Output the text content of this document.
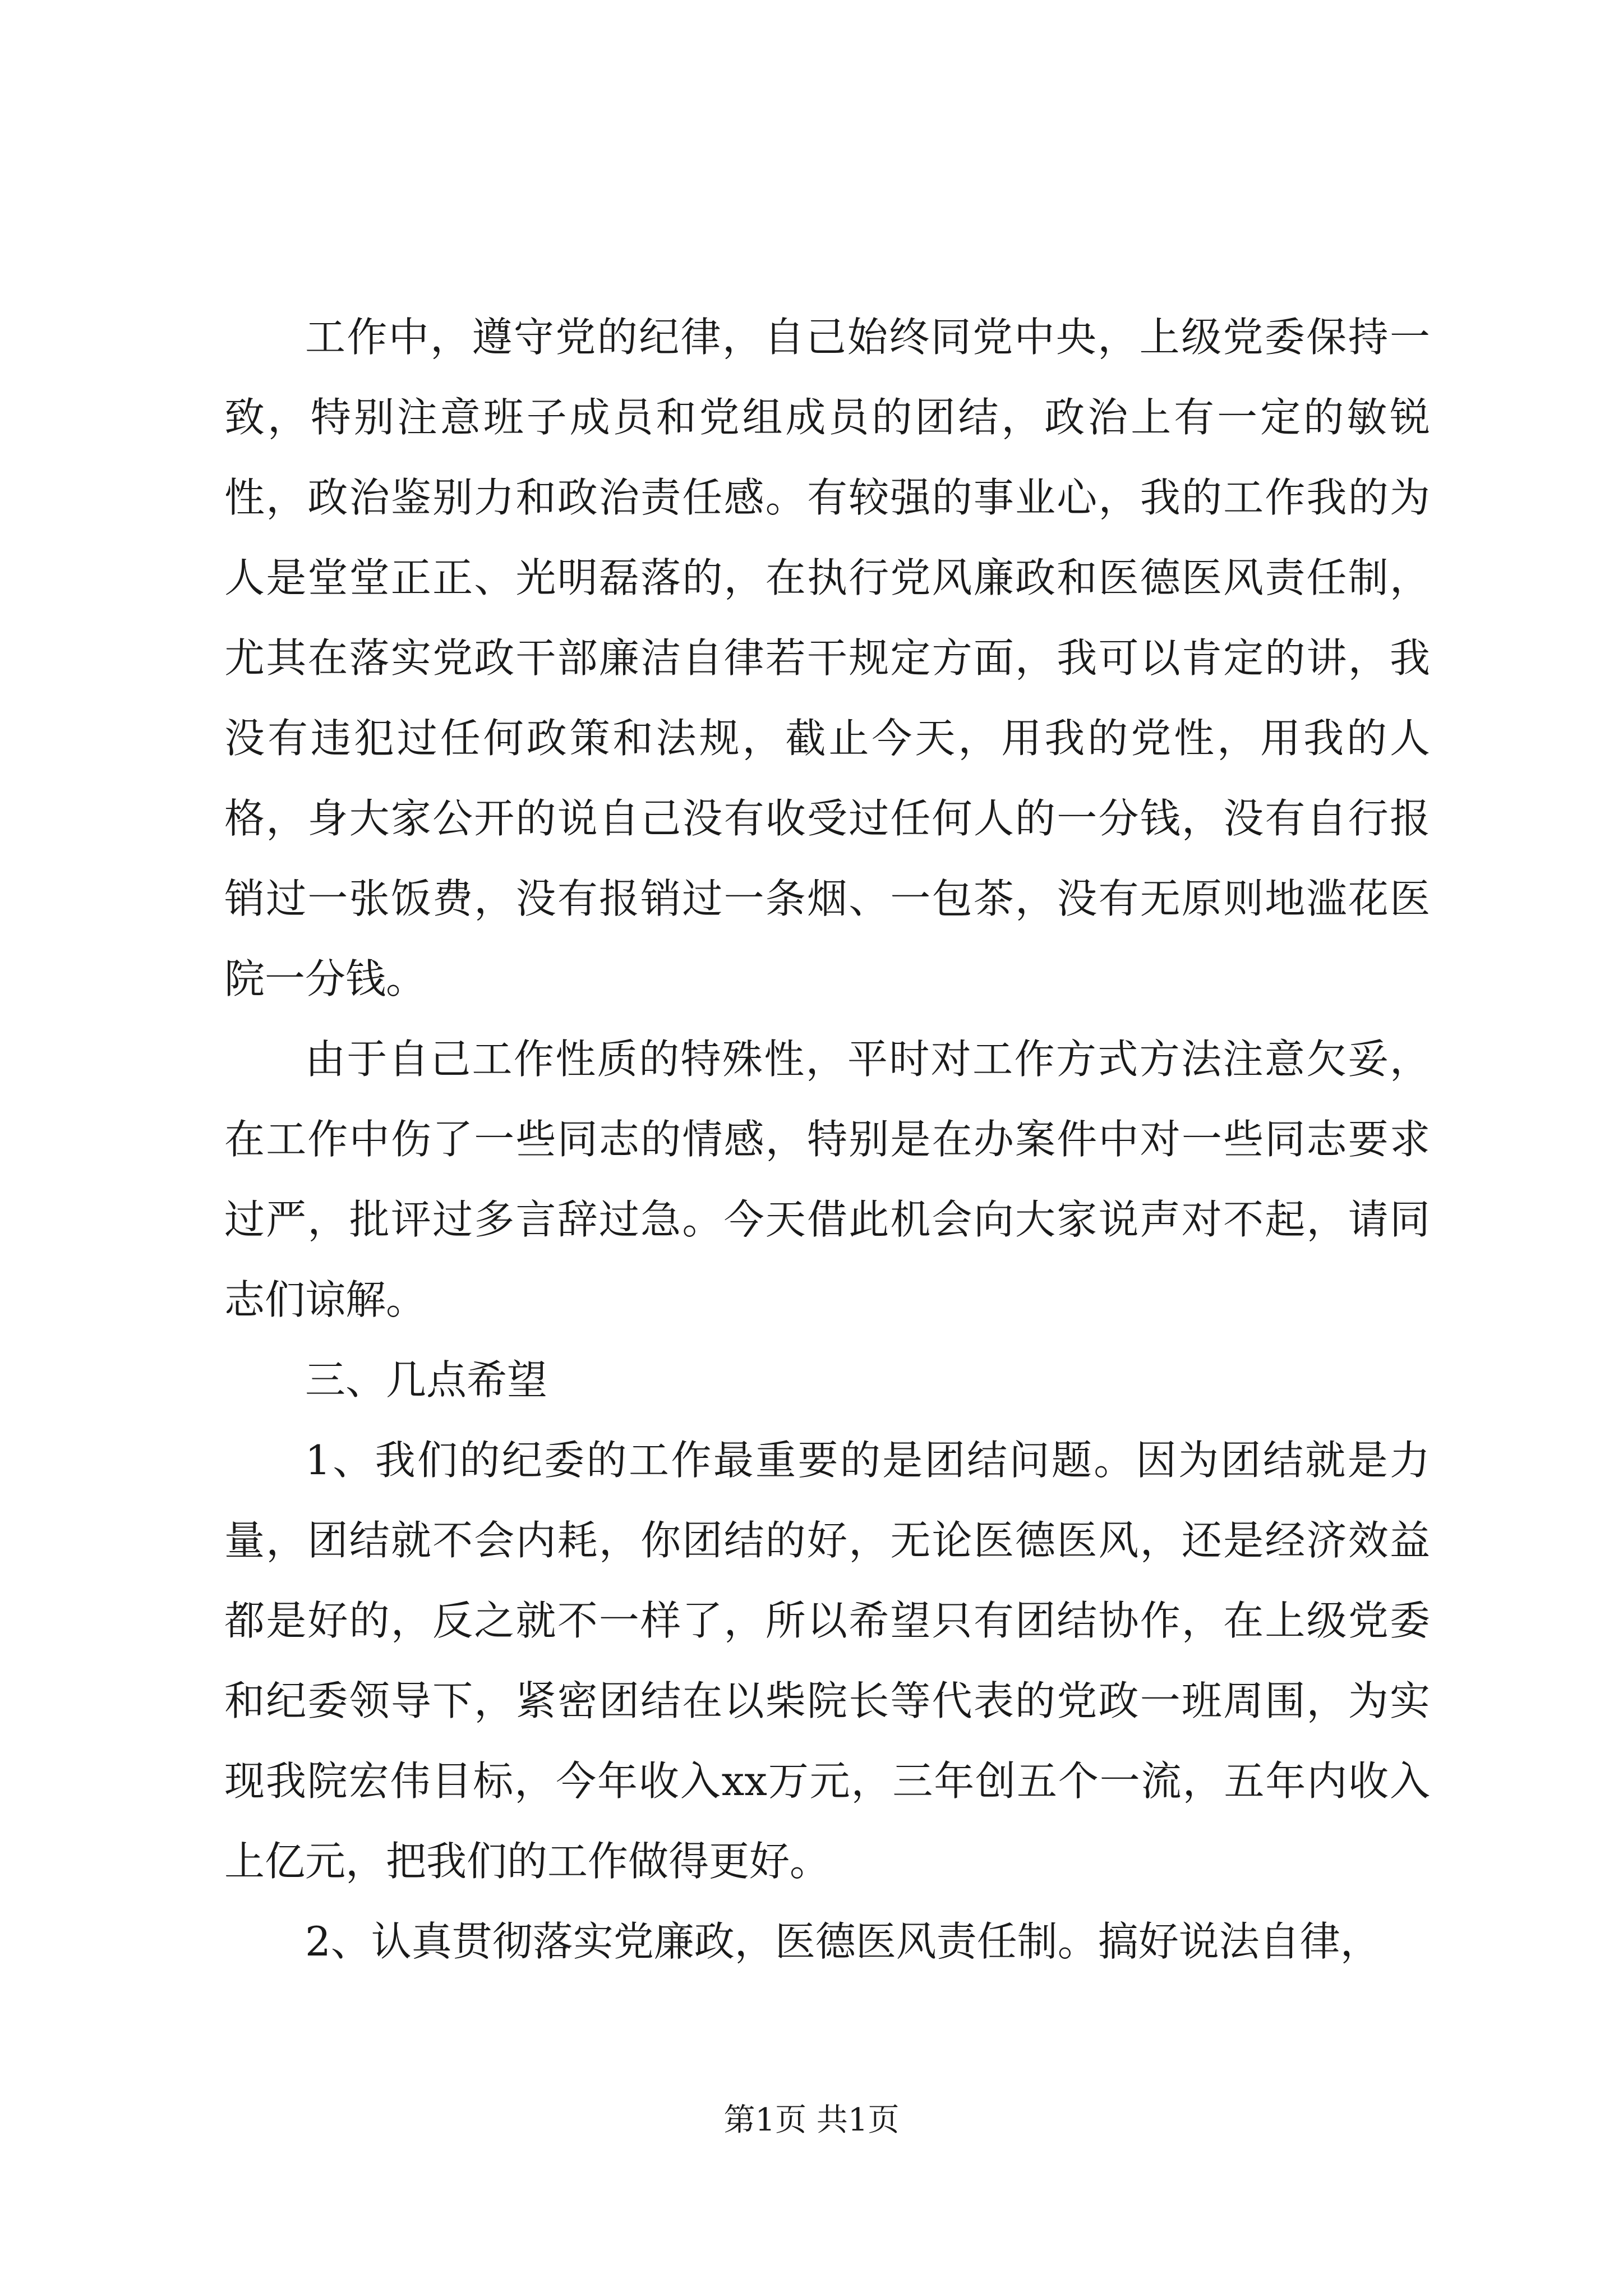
工作中，遵守党的纪律，自己始终同党中央，上级党委保持一致，特别注意班子成员和党组成员的团结，政治上有一定的敏锐性，政治鉴别力和政治责任感。有较强的事业心，我的工作我的为人是堂堂正正、光明磊落的，在执行党风廉政和医德医风责任制，尤其在落实党政干部廉洁自律若干规定方面，我可以肯定的讲，我没有违犯过任何政策和法规，截止今天，用我的党性，用我的人格，身大家公开的说自己没有收受过任何人的一分钱，没有自行报销过一张饭费，没有报销过一条烟、一包茶，没有无原则地滥花医院一分钱。

由于自己工作性质的特殊性，平时对工作方式方法注意欠妥，在工作中伤了一些同志的情感，特别是在办案件中对一些同志要求过严，批评过多言辞过急。今天借此机会向大家说声对不起，请同志们谅解。

三、几点希望

1、我们的纪委的工作最重要的是团结问题。因为团结就是力量，团结就不会内耗，你团结的好，无论医德医风，还是经济效益都是好的，反之就不一样了，所以希望只有团结协作，在上级党委和纪委领导下，紧密团结在以柴院长等代表的党政一班周围，为实现我院宏伟目标，今年收入xx万元，三年创五个一流，五年内收入上亿元，把我们的工作做得更好。

2、认真贯彻落实党廉政，医德医风责任制。搞好说法自律，

第1页 共1页
